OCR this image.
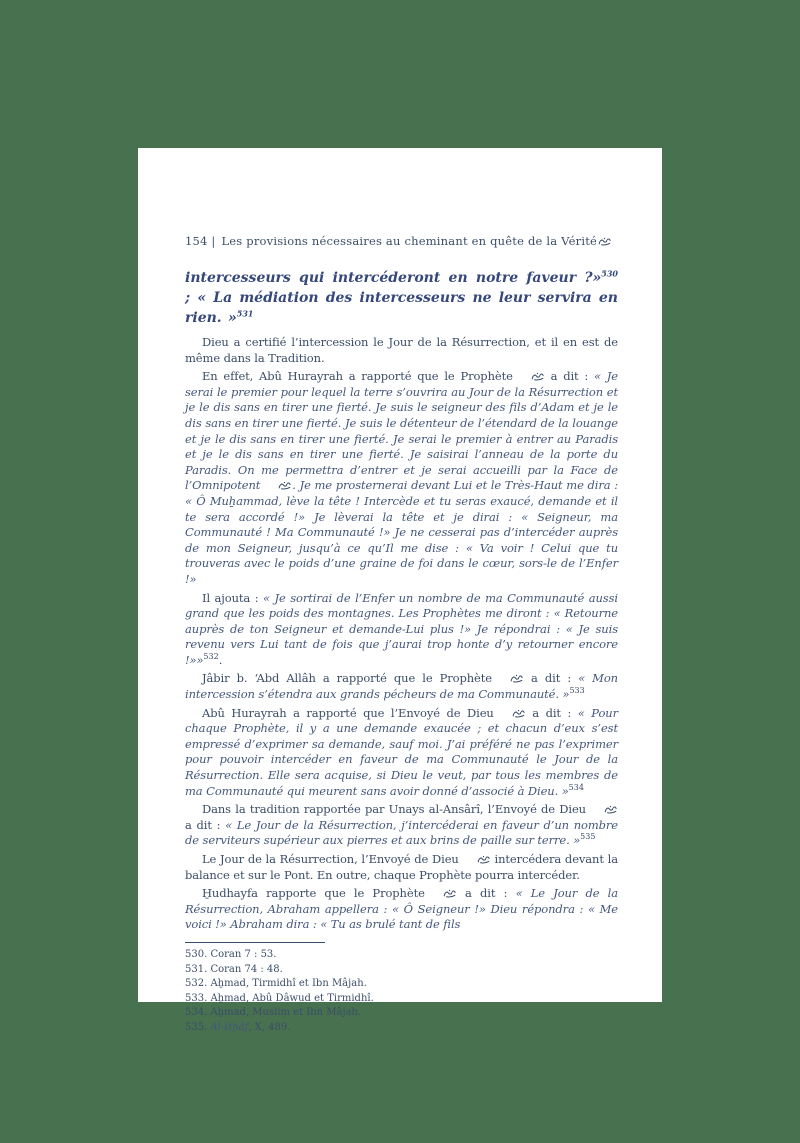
154 | Les provisions nécessaires au cheminant en quête de la Vérité
intercesseurs qui intercéderont en notre faveur ?»$^{530}$ ; « La médiation des intercesseurs ne leur servira en rien. »$^{531}$
Dieu a certifié l’intercession le Jour de la Résurrection, et il en est de même dans la Tradition.
En effet, Abû Hurayrah a rapporté que le Prophète	a dit : « Je serai le premier pour lequel la terre s’ouvrira au Jour de la Résurrection et je le dis sans en tirer une fierté. Je suis le seigneur des fils d’Adam et je le dis sans en tirer une fierté. Je suis le détenteur de l’étendard de la louange et je le dis sans en tirer une fierté. Je serai le premier à entrer au Paradis et je le dis sans en tirer une fierté. Je saisirai l’anneau de la porte du Paradis. On me permettra d’entrer et je serai accueilli par la Face de l’Omnipotent	. Je me prosternerai devant Lui et le Très-Haut me dira : « Ô Muẖammad, lève la tête ! Intercède et tu seras exaucé, demande et il te sera accordé !» Je lèverai la tête et je dirai : « Seigneur, ma Communauté ! Ma Communauté !» Je ne cesserai pas d’intercéder auprès de mon Seigneur, jusqu’à ce qu’Il me dise : « Va voir ! Celui que tu trouveras avec le poids d’une graine de foi dans le cœur, sors-le de l’Enfer !»
Il ajouta : « Je sortirai de l’Enfer un nombre de ma Communauté aussi grand que les poids des montagnes. Les Prophètes me diront : « Retourne auprès de ton Seigneur et demande-Lui plus !» Je répondrai : « Je suis revenu vers Lui tant de fois que j’aurai trop honte d’y retourner encore !»»$^{532}$.
Jâbir b. ‘Abd Allâh a rapporté que le Prophète	a dit : « Mon intercession s’étendra aux grands pécheurs de ma Communauté. »$^{533}$
Abû Hurayrah a rapporté que l’Envoyé de Dieu	a dit : « Pour chaque Prophète, il y a une demande exaucée ; et chacun d’eux s’est empressé d’exprimer sa demande, sauf moi. J’ai préféré ne pas l’exprimer pour pouvoir intercéder en faveur de ma Communauté le Jour de la Résurrection. Elle sera acquise, si Dieu le veut, par tous les membres de ma Communauté qui meurent sans avoir donné d’associé à Dieu. »$^{534}$
Dans la tradition rapportée par Unays al-Ansârî, l’Envoyé de Dieu a dit : « Le Jour de la Résurrection, j’intercéderai en faveur d’un nombre de serviteurs supérieur aux pierres et aux brins de paille sur terre. »$^{535}$
Le Jour de la Résurrection, l’Envoyé de Dieu	intercédera devant la balance et sur le Pont. En outre, chaque Prophète pourra intercéder.
H̱udhayfa rapporte que le Prophète	a dit : « Le Jour de la Résurrection, Abraham appellera : « Ô Seigneur !» Dieu répondra : « Me voici !» Abraham dira : « Tu as brulé tant de fils
530. Coran 7 : 53.
531. Coran 74 : 48.
532. Aẖmad, Tirmidhî et Ibn Mâjah.
533. Aẖmad, Abû Dâwud et Tirmidhî.
534. Aẖmad, Muslim et Ibn Mâjah.
535. Al-Itẖâf, X, 489.
